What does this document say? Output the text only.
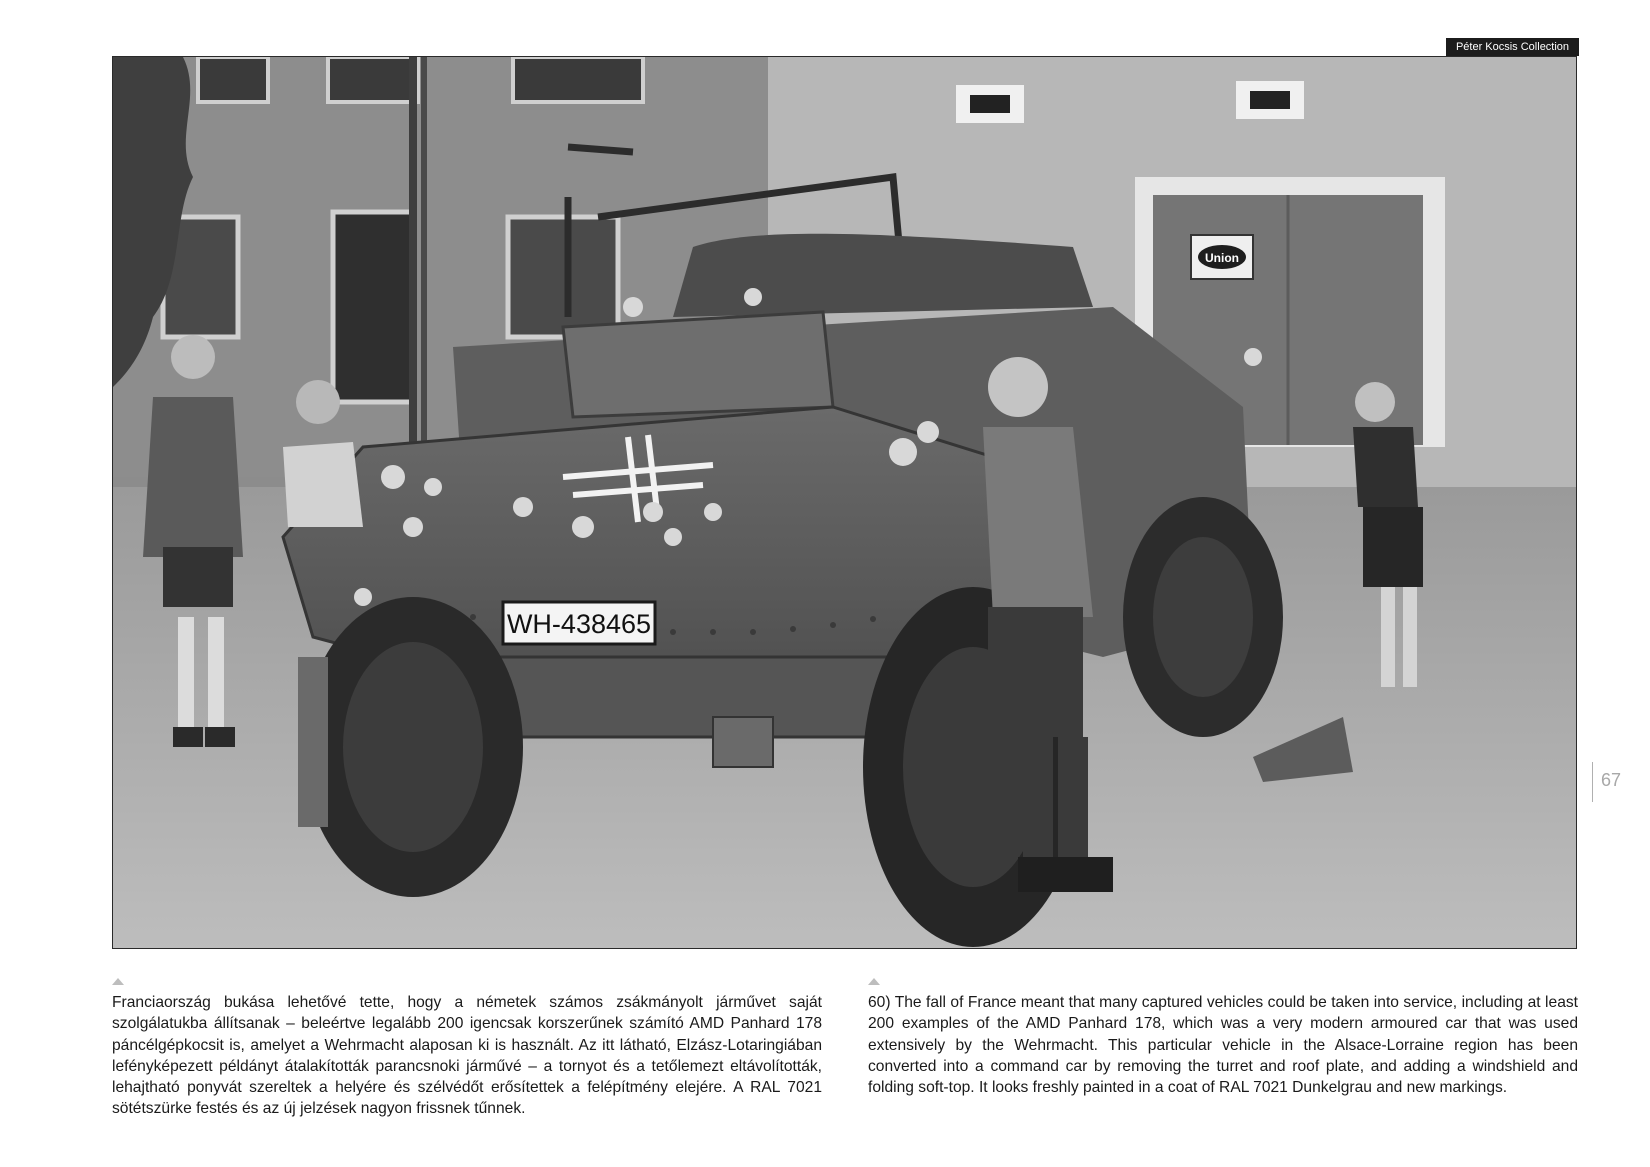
Péter Kocsis Collection
Union
WH-438465
67

Franciaország bukása lehetővé tette, hogy a németek számos zsákmányolt járművet saját szolgálatukba állítsanak – beleértve legalább 200 igencsak korszerűnek számító AMD Panhard 178 páncélgépkocsit is, amelyet a Wehrmacht alaposan ki is használt. Az itt látható, Elzász-Lotaringiában lefényképezett példányt átalakították parancsnoki járművé – a tornyot és a tetőlemezt eltávolították, lehajtható ponyvát szereltek a helyére és szélvédőt erősítettek a felépítmény elejére. A RAL 7021 sötétszürke festés és az új jelzések nagyon frissnek tűnnek.

60) The fall of France meant that many captured vehicles could be taken into service, including at least 200 examples of the AMD Panhard 178, which was a very modern armoured car that was used extensively by the Wehrmacht. This particular vehicle in the Alsace-Lorraine region has been converted into a command car by removing the turret and roof plate, and adding a windshield and folding soft-top. It looks freshly painted in a coat of RAL 7021 Dunkelgrau and new markings.
